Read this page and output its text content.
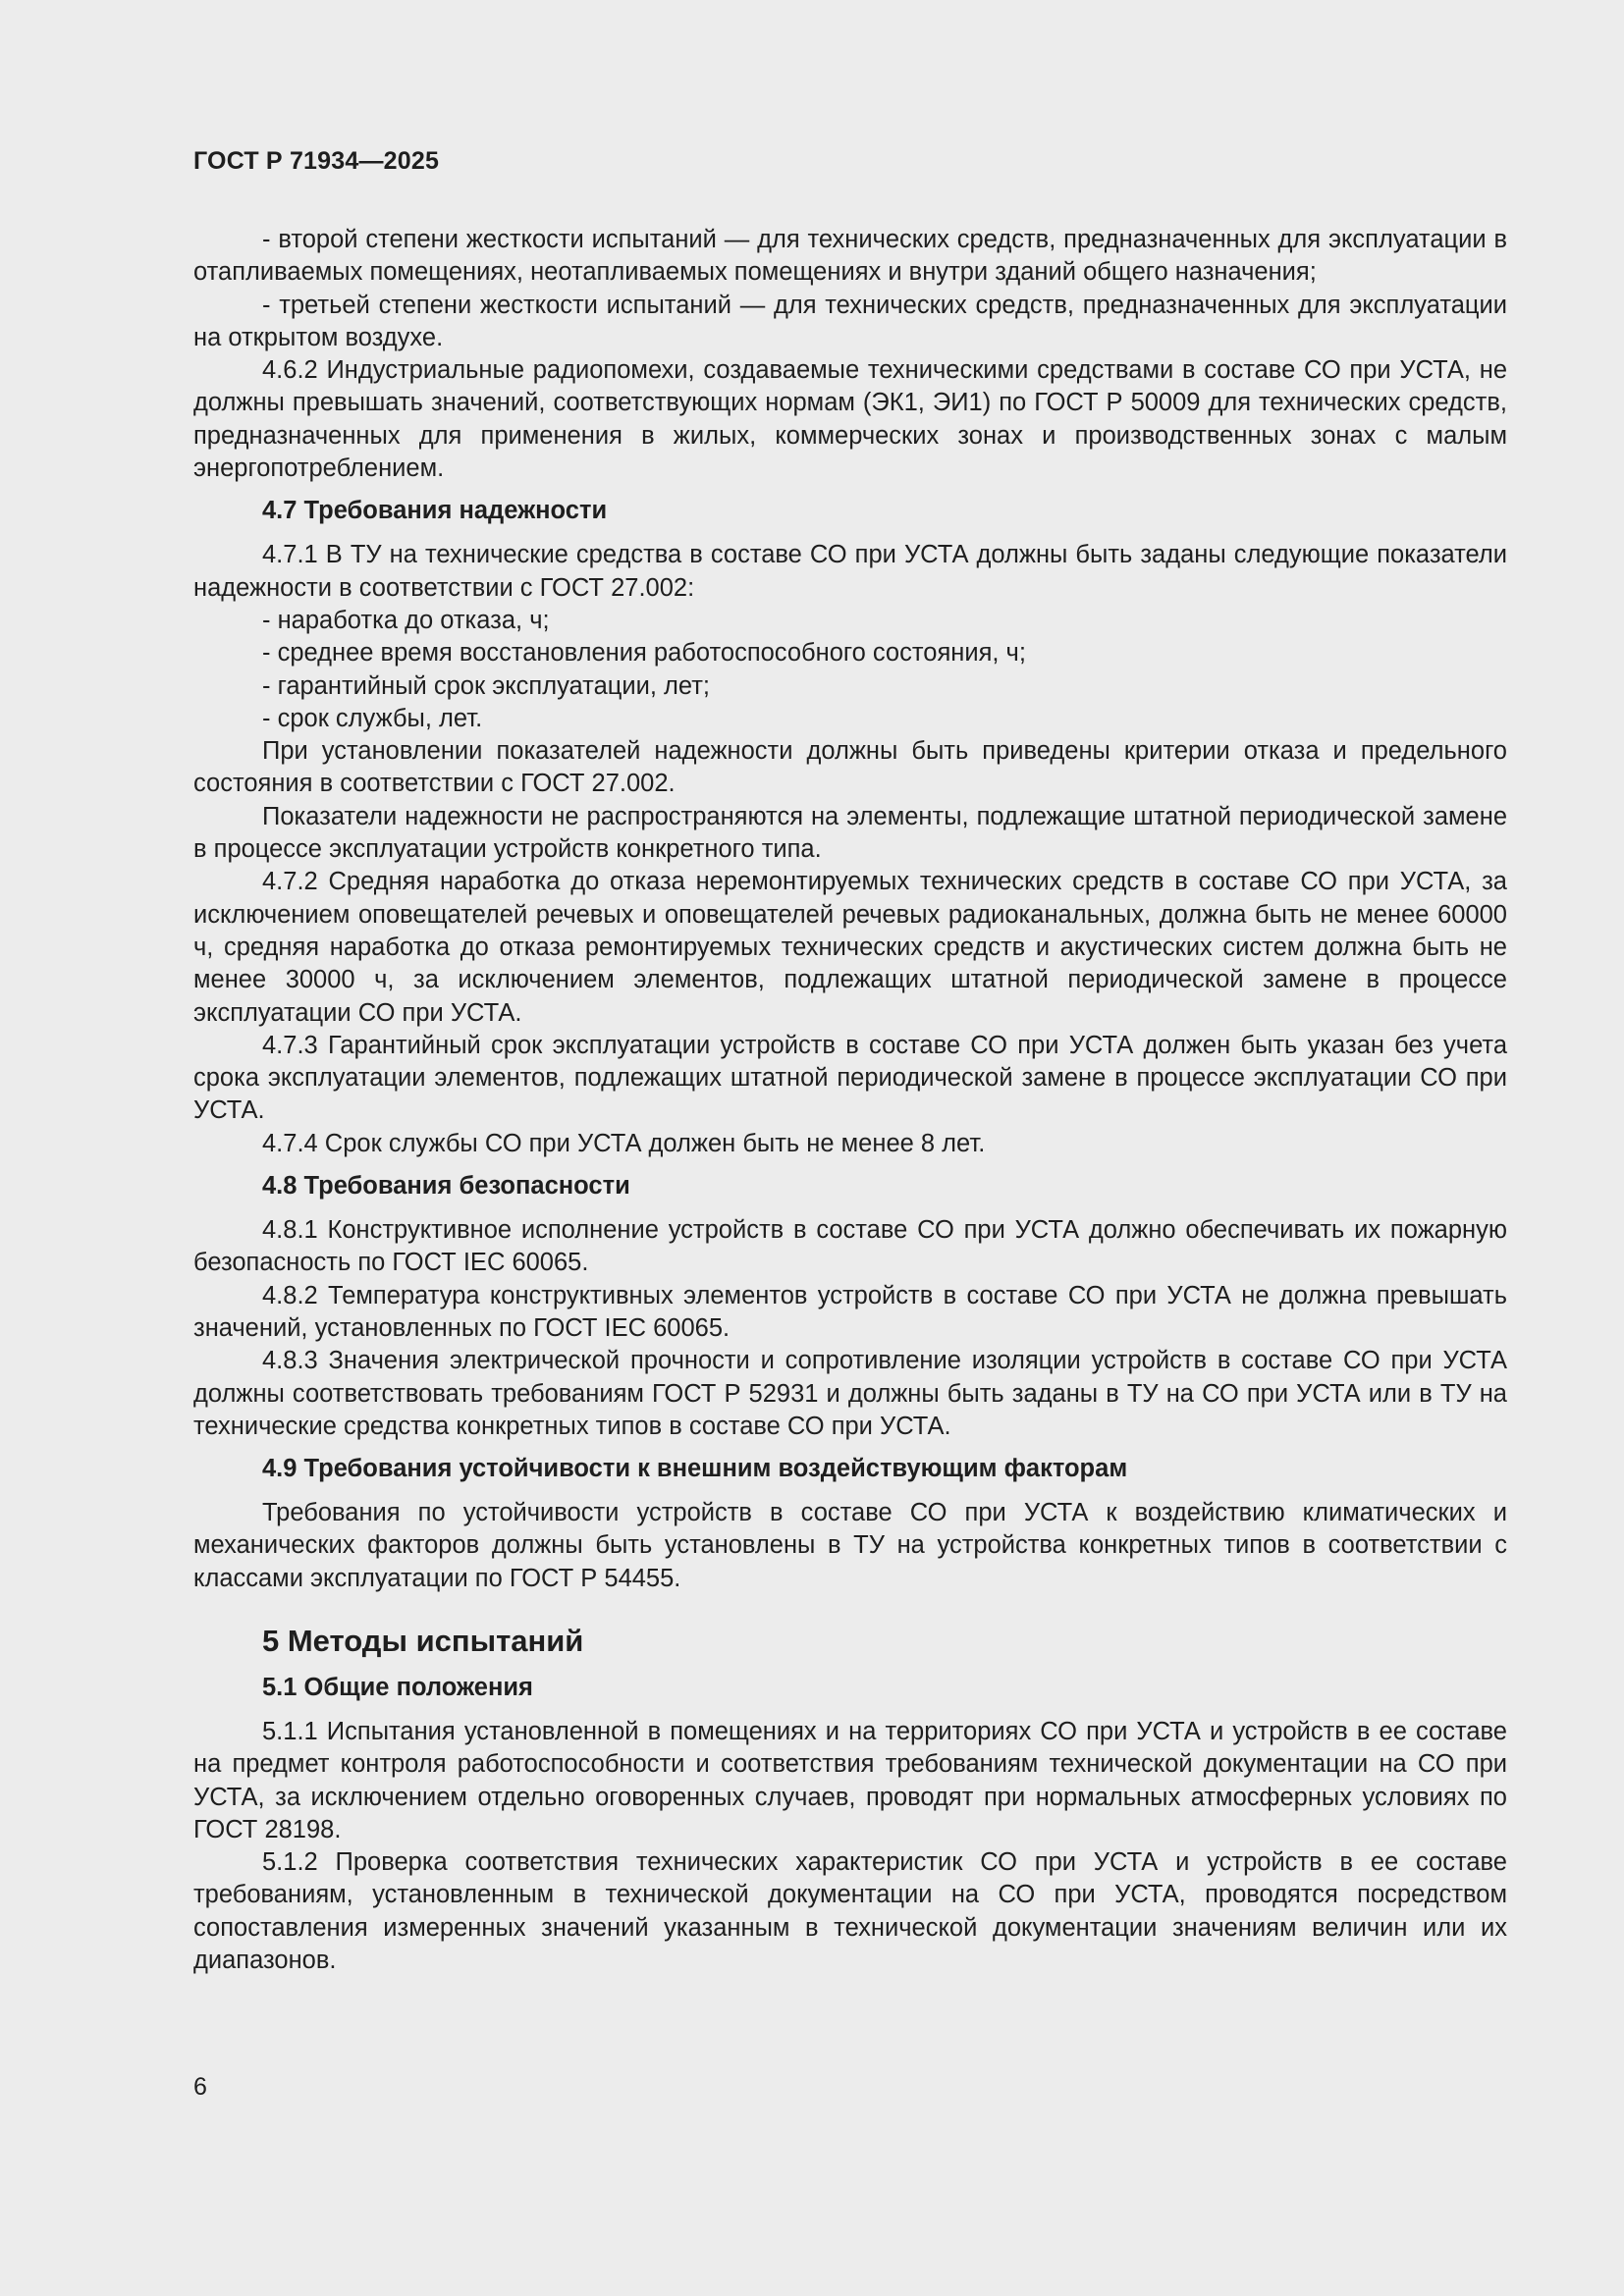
ГОСТ Р 71934—2025

- второй степени жесткости испытаний — для технических средств, предназначенных для эксплуатации в отапливаемых помещениях, неотапливаемых помещениях и внутри зданий общего назначения;

- третьей степени жесткости испытаний — для технических средств, предназначенных для эксплуатации на открытом воздухе.

4.6.2 Индустриальные радиопомехи, создаваемые техническими средствами в составе СО при УСТА, не должны превышать значений, соответствующих нормам (ЭК1, ЭИ1) по ГОСТ Р 50009 для технических средств, предназначенных для применения в жилых, коммерческих зонах и производственных зонах с малым энергопотреблением.

4.7 Требования надежности

4.7.1 В ТУ на технические средства в составе СО при УСТА должны быть заданы следующие показатели надежности в соответствии с ГОСТ 27.002:

- наработка до отказа, ч;

- среднее время восстановления работоспособного состояния, ч;

- гарантийный срок эксплуатации, лет;

- срок службы, лет.

При установлении показателей надежности должны быть приведены критерии отказа и предельного состояния в соответствии с ГОСТ 27.002.

Показатели надежности не распространяются на элементы, подлежащие штатной периодической замене в процессе эксплуатации устройств конкретного типа.

4.7.2 Средняя наработка до отказа неремонтируемых технических средств в составе СО при УСТА, за исключением оповещателей речевых и оповещателей речевых радиоканальных, должна быть не менее 60000 ч, средняя наработка до отказа ремонтируемых технических средств и акустических систем должна быть не менее 30000 ч, за исключением элементов, подлежащих штатной периодической замене в процессе эксплуатации СО при УСТА.

4.7.3 Гарантийный срок эксплуатации устройств в составе СО при УСТА должен быть указан без учета срока эксплуатации элементов, подлежащих штатной периодической замене в процессе эксплуатации СО при УСТА.

4.7.4 Срок службы СО при УСТА должен быть не менее 8 лет.

4.8 Требования безопасности

4.8.1 Конструктивное исполнение устройств в составе СО при УСТА должно обеспечивать их пожарную безопасность по ГОСТ IEC 60065.

4.8.2 Температура конструктивных элементов устройств в составе СО при УСТА не должна превышать значений, установленных по ГОСТ IEC 60065.

4.8.3 Значения электрической прочности и сопротивление изоляции устройств в составе СО при УСТА должны соответствовать требованиям ГОСТ Р 52931 и должны быть заданы в ТУ на СО при УСТА или в ТУ на технические средства конкретных типов в составе СО при УСТА.

4.9 Требования устойчивости к внешним воздействующим факторам

Требования по устойчивости устройств в составе СО при УСТА к воздействию климатических и механических факторов должны быть установлены в ТУ на устройства конкретных типов в соответствии с классами эксплуатации по ГОСТ Р 54455.

5 Методы испытаний
5.1 Общие положения

5.1.1 Испытания установленной в помещениях и на территориях СО при УСТА и устройств в ее составе на предмет контроля работоспособности и соответствия требованиям технической документации на СО при УСТА, за исключением отдельно оговоренных случаев, проводят при нормальных атмосферных условиях по ГОСТ 28198.

5.1.2 Проверка соответствия технических характеристик СО при УСТА и устройств в ее составе требованиям, установленным в технической документации на СО при УСТА, проводятся посредством сопоставления измеренных значений указанным в технической документации значениям величин или их диапазонов.

6
